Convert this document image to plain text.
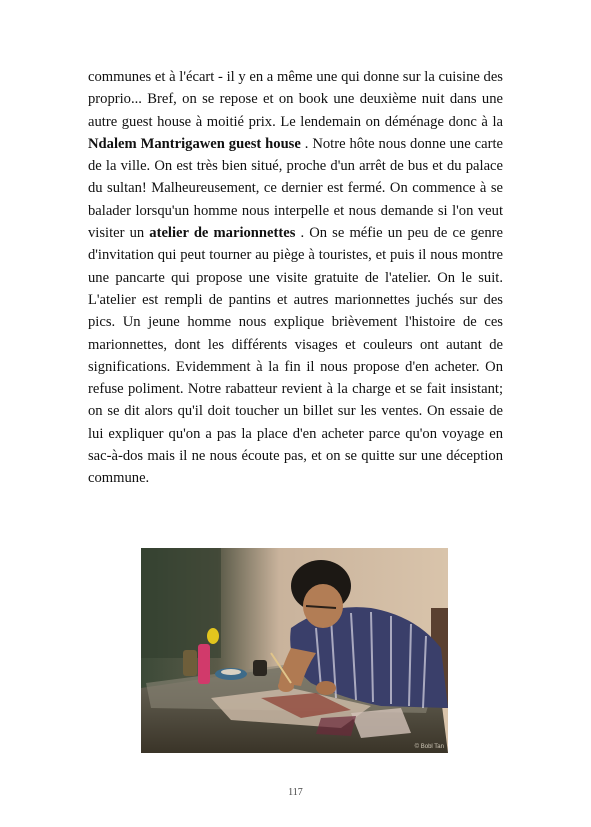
communes et à l'écart - il y en a même une qui donne sur la cuisine des proprio... Bref, on se repose et on book une deuxième nuit dans une autre guest house à moitié prix. Le lendemain on déménage donc à la Ndalem Mantrigawen guest house . Notre hôte nous donne une carte de la ville. On est très bien situé, proche d'un arrêt de bus et du palace du sultan! Malheureusement, ce dernier est fermé. On commence à se balader lorsqu'un homme nous interpelle et nous demande si l'on veut visiter un atelier de marionnettes . On se méfie un peu de ce genre d'invitation qui peut tourner au piège à touristes, et puis il nous montre une pancarte qui propose une visite gratuite de l'atelier. On le suit. L'atelier est rempli de pantins et autres marionnettes juchés sur des pics. Un jeune homme nous explique brièvement l'histoire de ces marionnettes, dont les différents visages et couleurs ont autant de significations. Evidemment à la fin il nous propose d'en acheter. On refuse poliment. Notre rabatteur revient à la charge et se fait insistant; on se dit alors qu'il doit toucher un billet sur les ventes. On essaie de lui expliquer qu'on a pas la place d'en acheter parce qu'on voyage en sac-à-dos mais il ne nous écoute pas, et on se quitte sur une déception commune.

© Bobl Tan
117
